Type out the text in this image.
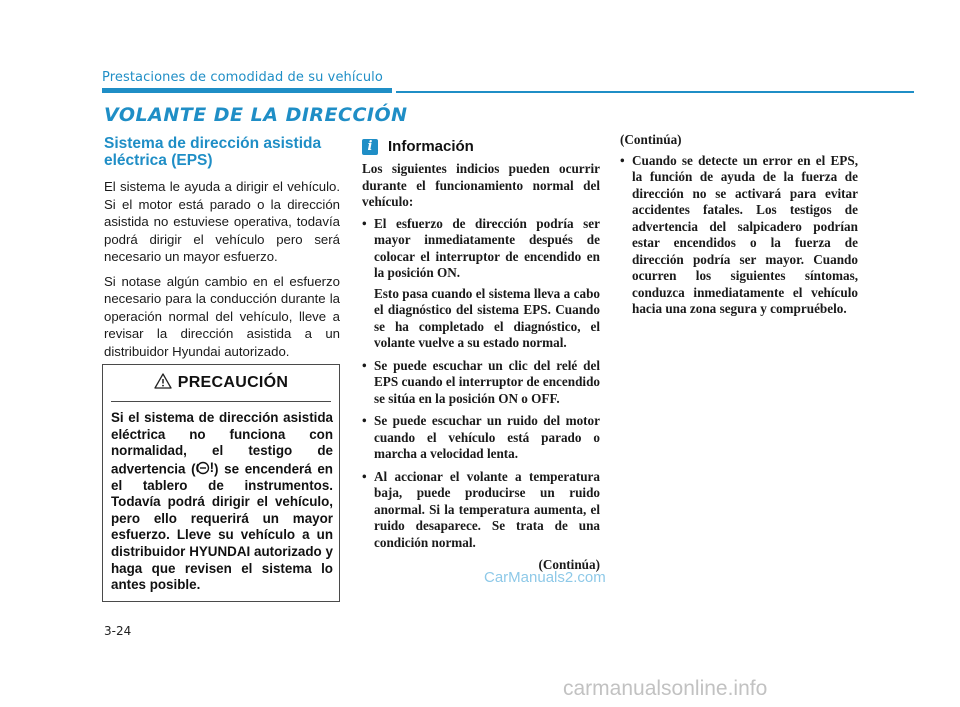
Prestaciones de comodidad de su vehículo
VOLANTE DE LA DIRECCIÓN
Sistema de dirección asistida eléctrica (EPS)

El sistema le ayuda a dirigir el vehículo. Si el motor está parado o la dirección asistida no estuviese operativa, todavía podrá dirigir el vehículo pero será necesario un mayor esfuerzo.

Si notase algún cambio en el esfuerzo necesario para la conducción durante la operación normal del vehículo, lleve a revisar la dirección asistida a un distribuidor Hyundai autorizado.

PRECAUCIÓN
Si el sistema de dirección asistida eléctrica no funciona con normalidad, el testigo de advertencia ( ! ) se encenderá en el tablero de instrumentos. Todavía podrá dirigir el vehículo, pero ello requerirá un mayor esfuerzo. Lleve su vehículo a un distribuidor HYUNDAI autorizado y haga que revisen el sistema lo antes posible.
i	Información

Los siguientes indicios pueden ocurrir durante el funcionamiento normal del vehículo:

• El esfuerzo de dirección podría ser mayor inmediatamente después de colocar el interruptor de encendido en la posición ON.
Esto pasa cuando el sistema lleva a cabo el diagnóstico del sistema EPS. Cuando se ha completado el diagnóstico, el volante vuelve a su estado normal.
• Se puede escuchar un clic del relé del EPS cuando el interruptor de encendido se sitúa en la posición ON o OFF.
• Se puede escuchar un ruido del motor cuando el vehículo está parado o marcha a velocidad lenta.
• Al accionar el volante a temperatura baja, puede producirse un ruido anormal. Si la temperatura aumenta, el ruido desaparece. Se trata de una condición normal.
(Continúa)

(Continúa)

• Cuando se detecte un error en el EPS, la función de ayuda de la fuerza de dirección no se activará para evitar accidentes fatales. Los testigos de advertencia del salpicadero podrían estar encendidos o la fuerza de dirección podría ser mayor. Cuando ocurren los siguientes síntomas, conduzca inmediatamente el vehículo hacia una zona segura y compruébelo.
CarManuals2.com
3-24
carmanualsonline.info
